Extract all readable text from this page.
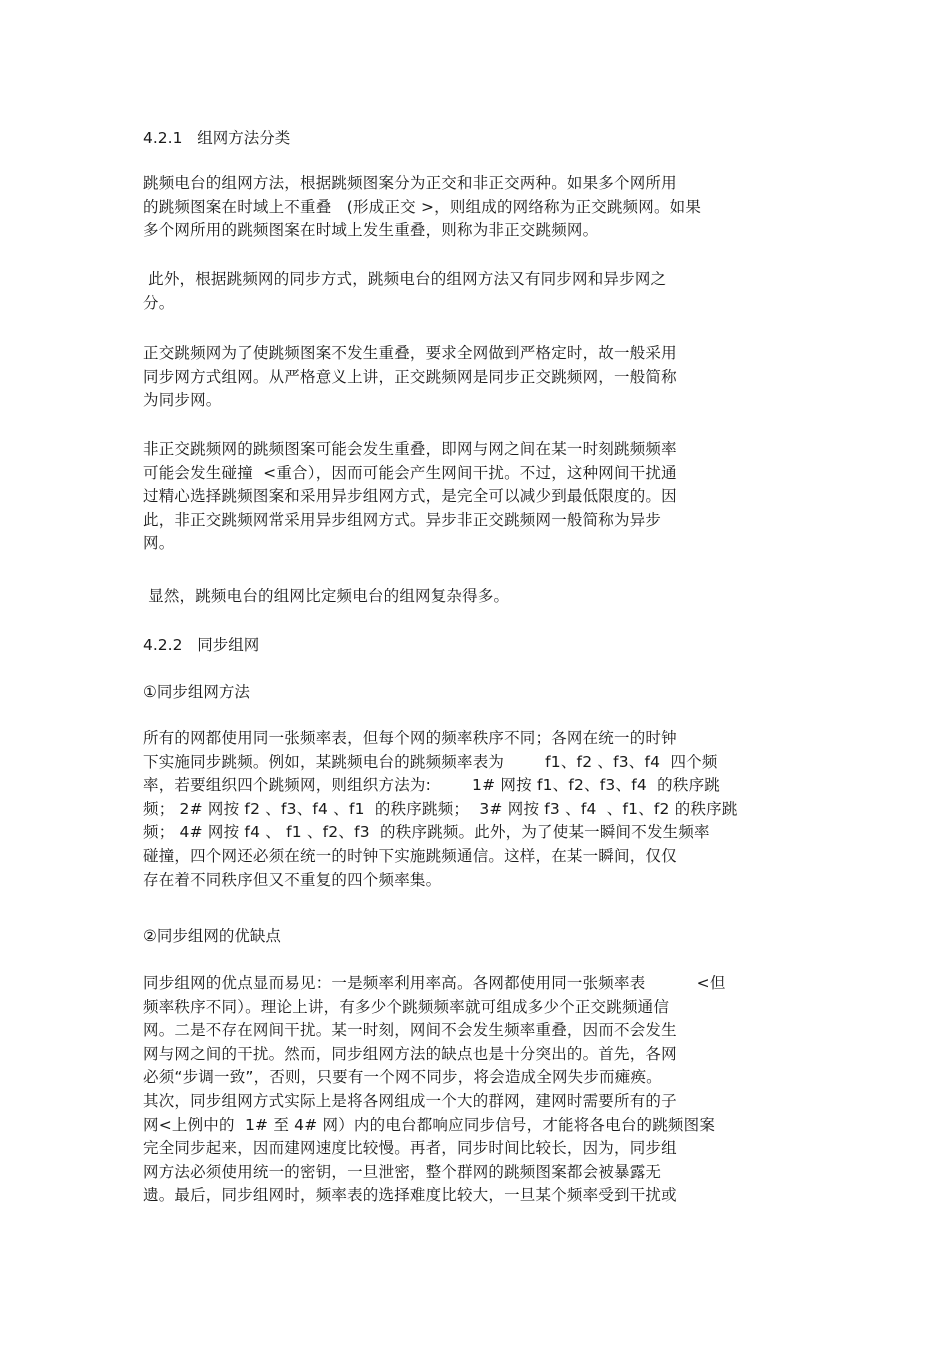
4.2.1   组网方法分类
跳频电台的组网方法，根据跳频图案分为正交和非正交两种。如果多个网所用
的跳频图案在时域上不重叠   (形成正交 >，则组成的网络称为正交跳频网。如果
多个网所用的跳频图案在时域上发生重叠，则称为非正交跳频网。
此外，根据跳频网的同步方式，跳频电台的组网方法又有同步网和异步网之
分。
正交跳频网为了使跳频图案不发生重叠，要求全网做到严格定时，故一般采用
同步网方式组网。从严格意义上讲，正交跳频网是同步正交跳频网，一般简称
为同步网。
非正交跳频网的跳频图案可能会发生重叠，即网与网之间在某一时刻跳频频率
可能会发生碰撞  <重合），因而可能会产生网间干扰。不过，这种网间干扰通
过精心选择跳频图案和采用异步组网方式，是完全可以减少到最低限度的。因
此，非正交跳频网常采用异步组网方式。异步非正交跳频网一般简称为异步
网。
显然，跳频电台的组网比定频电台的组网复杂得多。
4.2.2   同步组网
①同步组网方法
所有的网都使用同一张频率表，但每个网的频率秩序不同；各网在统一的时钟
下实施同步跳频。例如，某跳频电台的跳频频率表为        f1、f2 、f3、f4  四个频
率，若要组织四个跳频网，则组织方法为:        1# 网按 f1、f2、f3、f4  的秩序跳
频； 2# 网按 f2 、f3、f4 、f1  的秩序跳频；  3# 网按 f3 、f4  、f1、f2 的秩序跳
频； 4# 网按 f4 、 f1 、f2、f3  的秩序跳频。此外，为了使某一瞬间不发生频率
碰撞，四个网还必须在统一的时钟下实施跳频通信。这样，在某一瞬间，仅仅
存在着不同秩序但又不重复的四个频率集。
②同步组网的优缺点
同步组网的优点显而易见：一是频率利用率高。各网都使用同一张频率表          <但
频率秩序不同）。理论上讲，有多少个跳频频率就可组成多少个正交跳频通信
网。二是不存在网间干扰。某一时刻，网间不会发生频率重叠，因而不会发生
网与网之间的干扰。然而，同步组网方法的缺点也是十分突出的。首先，各网
必须“步调一致”，否则，只要有一个网不同步，将会造成全网失步而瘫痪。
其次，同步组网方式实际上是将各网组成一个大的群网，建网时需要所有的子
网<上例中的  1# 至 4# 网）内的电台都响应同步信号，才能将各电台的跳频图案
完全同步起来，因而建网速度比较慢。再者，同步时间比较长，因为，同步组
网方法必须使用统一的密钥，一旦泄密，整个群网的跳频图案都会被暴露无
遗。最后，同步组网时，频率表的选择难度比较大，一旦某个频率受到干扰或
